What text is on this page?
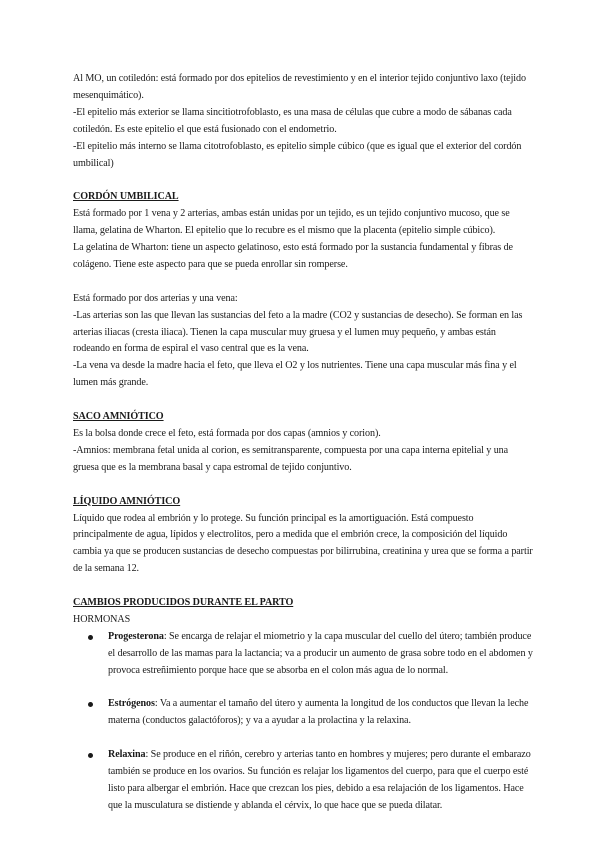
Al MO, un cotiledón: está formado por dos epitelios de revestimiento y en el interior tejido conjuntivo laxo (tejido mesenquimático).

-El epitelio más exterior se llama sincitiotrofoblasto, es una masa de células que cubre a modo de sábanas cada cotiledón. Es este epitelio el que está fusionado con el endometrio.

-El epitelio más interno se llama citotrofoblasto, es epitelio simple cúbico (que es igual que el exterior del cordón umbilical)

CORDÓN UMBILICAL

Está formado por 1 vena y 2 arterias, ambas están unidas por un tejido, es un tejido conjuntivo mucoso, que se llama, gelatina de Wharton. El epitelio que lo recubre es el mismo que la placenta (epitelio simple cúbico).

La gelatina de Wharton: tiene un aspecto gelatinoso, esto está formado por la sustancia fundamental y fibras de colágeno. Tiene este aspecto para que se pueda enrollar sin romperse.

Está formado por dos arterias y una vena:

-Las arterias son las que llevan las sustancias del feto a la madre (CO2 y sustancias de desecho). Se forman en las arterias iliacas (cresta iliaca). Tienen la capa muscular muy gruesa y el lumen muy pequeño, y ambas están rodeando en forma de espiral el vaso central que es la vena.

-La vena va desde la madre hacia el feto, que lleva el O2 y los nutrientes. Tiene una capa muscular más fina y el lumen más grande.

SACO AMNIÓTICO

Es la bolsa donde crece el feto, está formada por dos capas (amnios y corion).

-Amnios: membrana fetal unida al corion, es semitransparente, compuesta por una capa interna epitelial y una gruesa que es la membrana basal y capa estromal de tejido conjuntivo.

LÍQUIDO AMNIÓTICO

Líquido que rodea al embrión y lo protege. Su función principal es la amortiguación. Está compuesto principalmente de agua, lípidos y electrolitos, pero a medida que el embrión crece, la composición del líquido cambia ya que se producen sustancias de desecho compuestas por bilirrubina, creatinina y urea que se forma a partir de la semana 12.

CAMBIOS PRODUCIDOS DURANTE EL PARTO

HORMONAS

Progesterona: Se encarga de relajar el miometrio y la capa muscular del cuello del útero; también produce el desarrollo de las mamas para la lactancia; va a producir un aumento de grasa sobre todo en el abdomen y provoca estreñimiento porque hace que se absorba en el colon más agua de lo normal.
Estrógenos: Va a aumentar el tamaño del útero y aumenta la longitud de los conductos que llevan la leche materna (conductos galactóforos); y va a ayudar a la prolactina y la relaxina.
Relaxina: Se produce en el riñón, cerebro y arterias tanto en hombres y mujeres; pero durante el embarazo también se produce en los ovarios. Su función es relajar los ligamentos del cuerpo, para que el cuerpo esté listo para albergar el embrión. Hace que crezcan los pies, debido a esa relajación de los ligamentos. Hace que la musculatura se distiende y ablanda el cérvix, lo que hace que se pueda dilatar.
